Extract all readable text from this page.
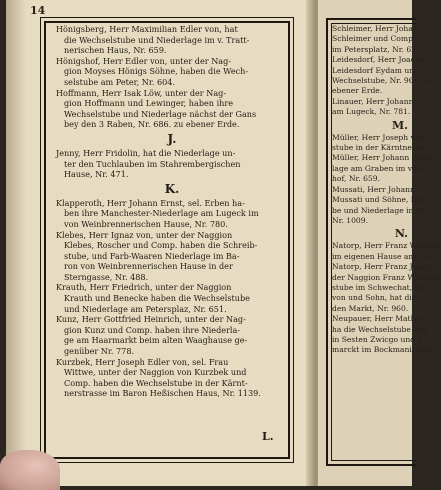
14
Hönigsberg, Herr Maximilian Edler von, hat
die Wechselstube und Niederlage im v. Tratt-
nerischen Haus, Nr. 659.
Hönigshof, Herr Edler von, unter der Nag-
gion Moyses Hönigs Söhne, haben die Wech-
selstube am Peter, Nr. 604.
Hoffmann, Herr Isak Löw, unter der Nag-
gion Hoffmann und Lewinger, haben ihre
Wechselstube und Niederlage nächst der Gans
bey den 3 Raben, Nr. 686. zu ebener Erde.
J.
Jenny, Herr Fridolin, hat die Niederlage un-
ter den Tuchlauben im Stahrembergischen
Hause, Nr. 471.
K.
Klapperoth, Herr Johann Ernst, sel. Erben ha-
ben ihre Manchester-Niederlage am Lugeck im
von Weinbrennerischen Hause, Nr. 780.
Klebes, Herr Ignaz von, unter der Naggion
Klebes, Roscher und Comp. haben die Schreib-
stube, und Farb-Waaren Niederlage im Ba-
ron von Weinbrennerischen Hause in der
Sterngasse, Nr. 488.
Krauth, Herr Friedrich, unter der Naggion
Krauth und Benecke haben die Wechselstube
und Niederlage am Petersplaz, Nr. 651.
Kunz, Herr Gottfried Heinrich, unter der Nag-
gion Kunz und Comp. haben ihre Niederla-
ge am Haarmarkt beim alten Waaghause ge-
genüber Nr. 778.
Kurzbek, Herr Joseph Edler von, sel. Frau
Wittwe, unter der Naggion von Kurzbek und
Comp. haben die Wechselstube in der Kärnt-
nerstrasse im Baron Heßischen Haus, Nr. 1139.
L.
Schleimer, Herr Johann
Schleimer und Comp.
im Petersplatz, Nr. 62
Leidesdorf, Herr Joachim
Leidesdorf Eydam und
Wechselstube, Nr. 964. im
ebener Erde.
Linauer, Herr Johann
am Lugeck, Nr. 781.
M.
Müller, Herr Joseph von
stube in der Kärntnerstr
Müller, Herr Johann Ignaz
lage am Graben im von
hof, Nr. 659.
Mussati, Herr Johann
Mussati und Söhne, hab
be und Niederlage in der
Nr. 1009.
N.
Natorp, Herr Franz Wilhelm
im eigenen Hause am Leng
Natorp, Herr Franz Joseph
der Naggion Franz Wilhelm
stube im Schwechat, ha
von und Sohn, hat die
den Markt, Nr. 960.
Neupauer, Herr Mathias
ha die Wechselstube und
in Sesten Zwicgo und K
marckt im Bockmanischen
